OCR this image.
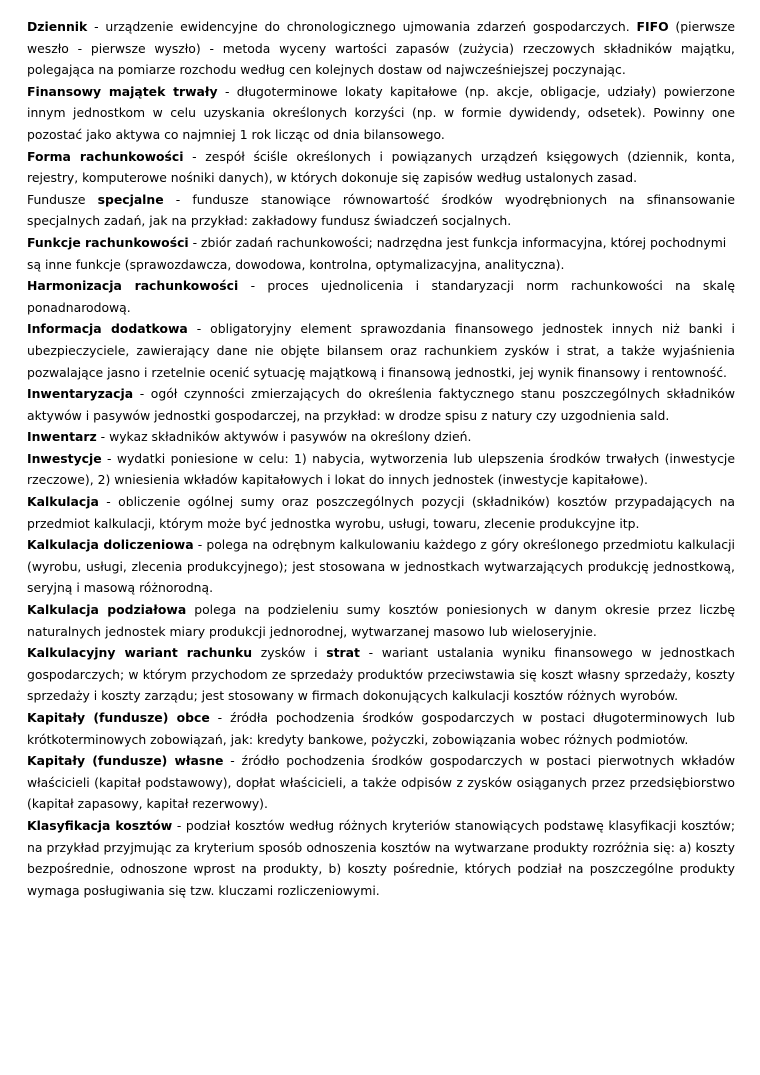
Dziennik - urządzenie ewidencyjne do chronologicznego ujmowania zdarzeń gospodarczych. FIFO (pierwsze weszło - pierwsze wyszło) - metoda wyceny wartości zapasów (zużycia) rzeczowych składników majątku, polegająca na pomiarze rozchodu według cen kolejnych dostaw od najwcześniejszej poczynając.

Finansowy majątek trwały - długoterminowe lokaty kapitałowe (np. akcje, obligacje, udziały) powierzone innym jednostkom w celu uzyskania określonych korzyści (np. w formie dywidendy, odsetek). Powinny one pozostać jako aktywa co najmniej 1 rok licząc od dnia bilansowego.

Forma rachunkowości - zespół ściśle określonych i powiązanych urządzeń księgowych (dziennik, konta, rejestry, komputerowe nośniki danych), w których dokonuje się zapisów według ustalonych zasad.

Fundusze specjalne - fundusze stanowiące równowartość środków wyodrębnionych na sfinansowanie specjalnych zadań, jak na przykład: zakładowy fundusz świadczeń socjalnych.

Funkcje rachunkowości - zbiór zadań rachunkowości; nadrzędna jest funkcja informacyjna, której pochodnymi są inne funkcje (sprawozdawcza, dowodowa, kontrolna, optymalizacyjna, analityczna).

Harmonizacja rachunkowości - proces ujednolicenia i standaryzacji norm rachunkowości na skalę ponadnarodową.

Informacja dodatkowa - obligatoryjny element sprawozdania finansowego jednostek innych niż banki i ubezpieczyciele, zawierający dane nie objęte bilansem oraz rachunkiem zysków i strat, a także wyjaśnienia pozwalające jasno i rzetelnie ocenić sytuację majątkową i finansową jednostki, jej wynik finansowy i rentowność.

Inwentaryzacja - ogół czynności zmierzających do określenia faktycznego stanu poszczególnych składników aktywów i pasywów jednostki gospodarczej, na przykład: w drodze spisu z natury czy uzgodnienia sald.

Inwentarz - wykaz składników aktywów i pasywów na określony dzień.

Inwestycje - wydatki poniesione w celu: 1) nabycia, wytworzenia lub ulepszenia środków trwałych (inwestycje rzeczowe), 2) wniesienia wkładów kapitałowych i lokat do innych jednostek (inwestycje kapitałowe).

Kalkulacja - obliczenie ogólnej sumy oraz poszczególnych pozycji (składników) kosztów przypadających na przedmiot kalkulacji, którym może być jednostka wyrobu, usługi, towaru, zlecenie produkcyjne itp.

Kalkulacja doliczeniowa - polega na odrębnym kalkulowaniu każdego z góry określonego przedmiotu kalkulacji (wyrobu, usługi, zlecenia produkcyjnego); jest stosowana w jednostkach wytwarzających produkcję jednostkową, seryjną i masową różnorodną.

Kalkulacja podziałowa polega na podzieleniu sumy kosztów poniesionych w danym okresie przez liczbę naturalnych jednostek miary produkcji jednorodnej, wytwarzanej masowo lub wieloseryjnie.

Kalkulacyjny wariant rachunku zysków i strat - wariant ustalania wyniku finansowego w jednostkach gospodarczych; w którym przychodom ze sprzedaży produktów przeciwstawia się koszt własny sprzedaży, koszty sprzedaży i koszty zarządu; jest stosowany w firmach dokonujących kalkulacji kosztów różnych wyrobów.

Kapitały (fundusze) obce - źródła pochodzenia środków gospodarczych w postaci długoterminowych lub krótkoterminowych zobowiązań, jak: kredyty bankowe, pożyczki, zobowiązania wobec różnych podmiotów.

Kapitały (fundusze) własne - źródło pochodzenia środków gospodarczych w postaci pierwotnych wkładów właścicieli (kapitał podstawowy), dopłat właścicieli, a także odpisów z zysków osiąganych przez przedsiębiorstwo (kapitał zapasowy, kapitał rezerwowy).

Klasyfikacja kosztów - podział kosztów według różnych kryteriów stanowiących podstawę klasyfikacji kosztów; na przykład przyjmując za kryterium sposób odnoszenia kosztów na wytwarzane produkty rozróżnia się: a) koszty bezpośrednie, odnoszone wprost na produkty, b) koszty pośrednie, których podział na poszczególne produkty wymaga posługiwania się tzw. kluczami rozliczeniowymi.
